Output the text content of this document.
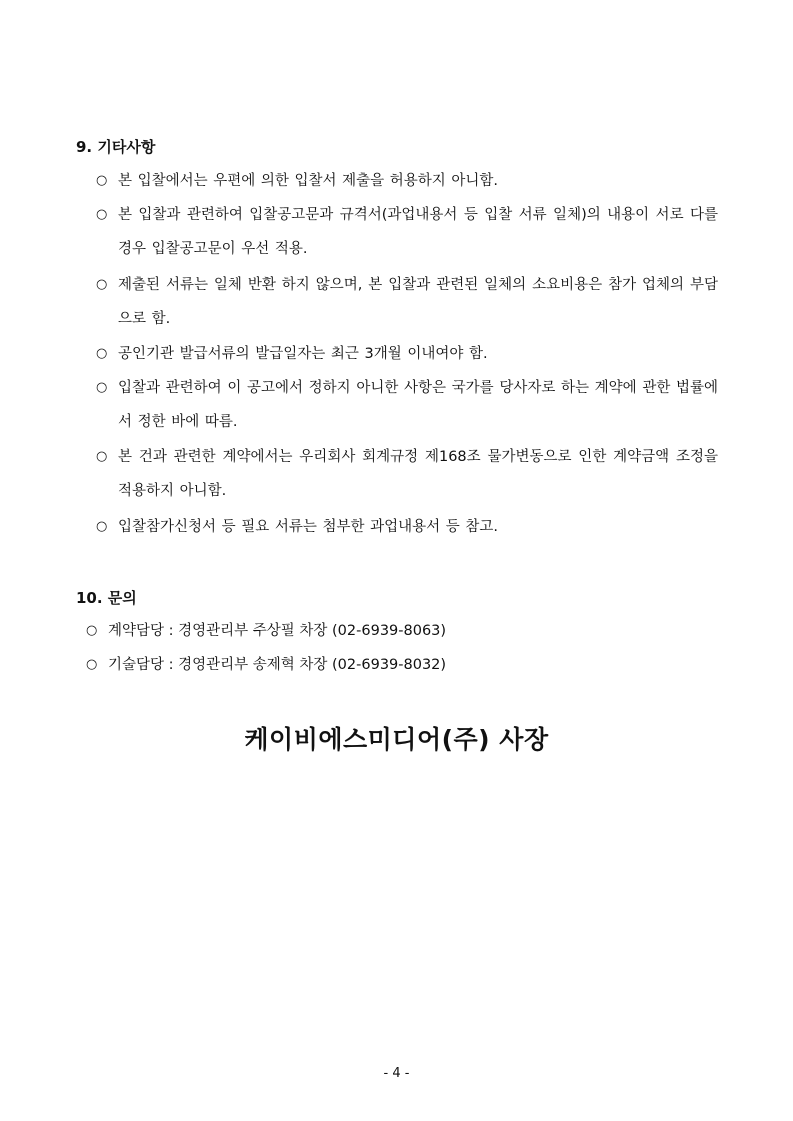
9. 기타사항
○ 본 입찰에서는 우편에 의한 입찰서 제출을 허용하지 아니함.
○ 본 입찰과 관련하여 입찰공고문과 규격서(과업내용서 등 입찰 서류 일체)의 내용이 서로 다를 경우 입찰공고문이 우선 적용.
○ 제출된 서류는 일체 반환 하지 않으며, 본 입찰과 관련된 일체의 소요비용은 참가 업체의 부담으로 함.
○ 공인기관 발급서류의 발급일자는 최근 3개월 이내여야 함.
○ 입찰과 관련하여 이 공고에서 정하지 아니한 사항은 국가를 당사자로 하는 계약에 관한 법률에서 정한 바에 따름.
○ 본 건과 관련한 계약에서는 우리회사 회계규정 제168조 물가변동으로 인한 계약금액 조정을 적용하지 아니함.
○ 입찰참가신청서 등 필요 서류는 첨부한 과업내용서 등 참고.
10. 문의
○ 계약담당 : 경영관리부 주상필 차장 (02-6939-8063)
○ 기술담당 : 경영관리부 송제혁 차장 (02-6939-8032)
케이비에스미디어(주) 사장
- 4 -
